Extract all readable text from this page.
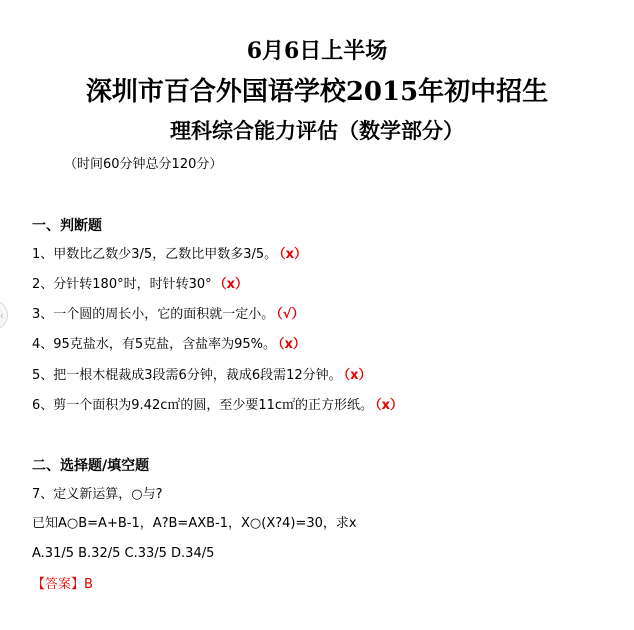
6月6日上半场
深圳市百合外国语学校2015年初中招生
理科综合能力评估（数学部分）
（时间60分钟总分120分）
一、判断题
1、甲数比乙数少3/5，乙数比甲数多3/5。 （x）
2、分针转180°时，时针转30° （x）
3、一个圆的周长小，它的面积就一定小。 （√）
4、95克盐水，有5克盐，含盐率为95%。 （x）
5、把一根木棍裁成3段需6分钟，裁成6段需12分钟。 （x）
6、剪一个面积为9.42c㎡的圆，至少要11c㎡的正方形纸。 （x）
二、选择题/填空题
7、定义新运算，○与?
已知A○B=A+B-1，A?B=AXB-1，X○(X?4)=30，求x
A.31/5 B.32/5 C.33/5 D.34/5
【答案】B
‹
